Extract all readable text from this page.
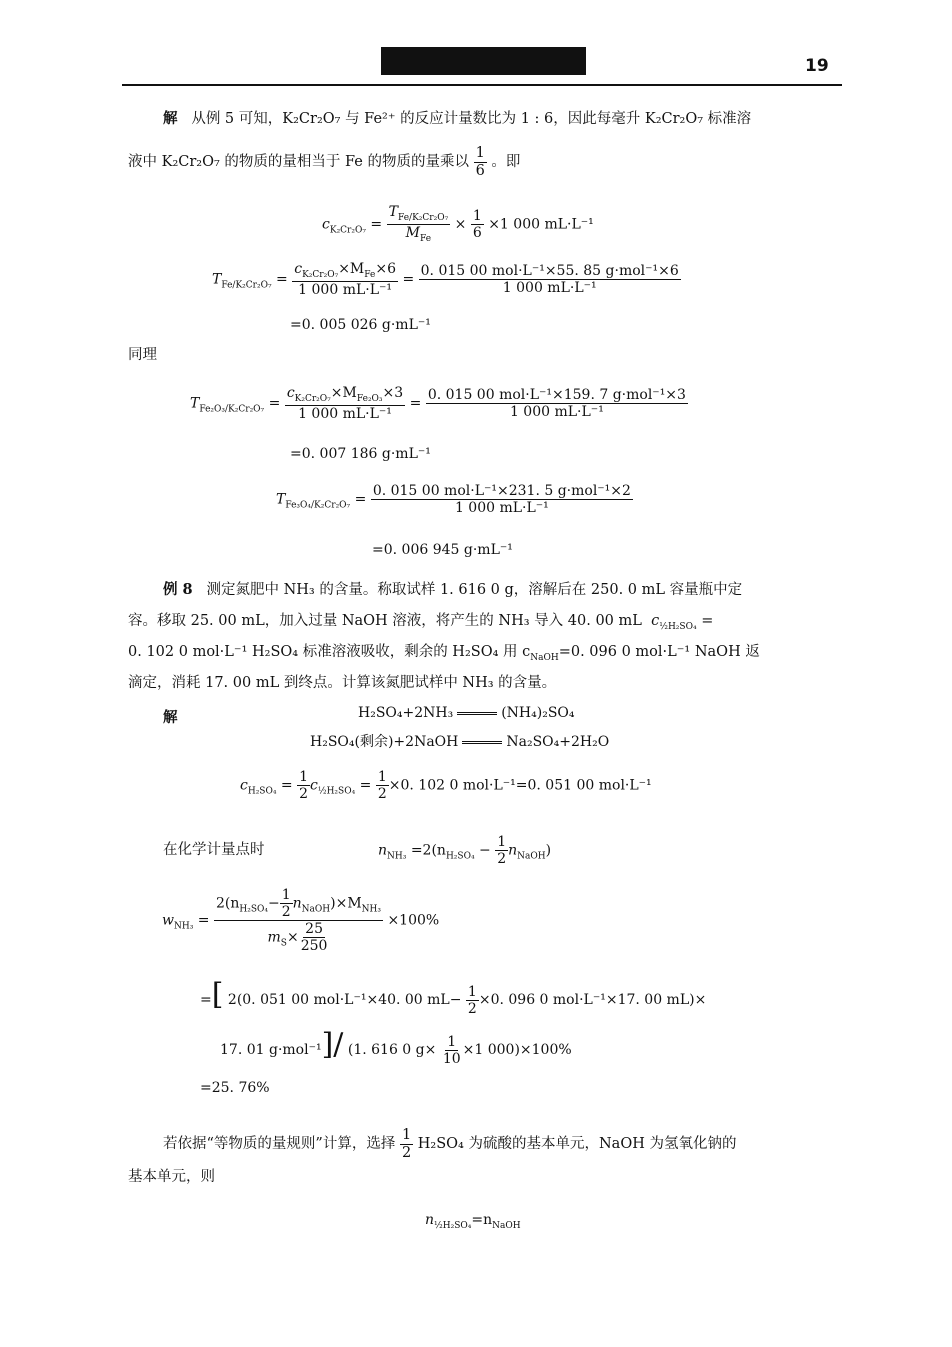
19
解 从例 5 可知，K₂Cr₂O₇ 与 Fe²⁺ 的反应计量数比为 1 : 6，因此每毫升 K₂Cr₂O₇ 标准溶
液中 K₂Cr₂O₇ 的物质的量相当于 Fe 的物质的量乘以 $\frac{1}{6}$ 。即
$c_{K_2Cr_2O_7} = \frac{T_{Fe/K_2Cr_2O_7}}{M_{Fe}} \times \frac{1}{6} \times 1$ 000 mL·L⁻¹
$T_{Fe/K_2Cr_2O_7} = \frac{c_{K_2Cr_2O_7}\times M_{Fe}\times 6}{\text{1 000 mL·L⁻¹}} = \frac{\text{0. 015 00 mol·L⁻¹×55. 85 g·mol⁻¹×6}}{\text{1 000 mL·L⁻¹}}$
=0. 005 026 g·mL⁻¹
同理
$T_{Fe_2O_3/K_2Cr_2O_7} = \frac{c_{K_2Cr_2O_7}\times M_{Fe_2O_3}\times 3}{\text{1 000 mL·L⁻¹}} = \frac{\text{0. 015 00 mol·L⁻¹×159. 7 g·mol⁻¹×3}}{\text{1 000 mL·L⁻¹}}$
=0. 007 186 g·mL⁻¹
$T_{Fe_3O_4/K_2Cr_2O_7} = \frac{\text{0. 015 00 mol·L⁻¹×231. 5 g·mol⁻¹×2}}{\text{1 000 mL·L⁻¹}}$
=0. 006 945 g·mL⁻¹
例 8 测定氮肥中 NH₃ 的含量。称取试样 1. 616 0 g，溶解后在 250. 0 mL 容量瓶中定
容。移取 25. 00 mL，加入过量 NaOH 溶液，将产生的 NH₃ 导入 40. 00 mL $c_{\frac{1}{2}H_2SO_4}$ =
0. 102 0 mol·L⁻¹ H₂SO₄ 标准溶液吸收，剩余的 H₂SO₄ 用 $c_{NaOH}=0$. 096 0 mol·L⁻¹ NaOH 返
滴定，消耗 17. 00 mL 到终点。计算该氮肥试样中 NH₃ 的含量。
解	H₂SO₄+2NH₃	(NH₄)₂SO₄
H₂SO₄(剩余)+2NaOH	Na₂SO₄+2H₂O
$c_{H_2SO_4} = \frac{1}{2} c_{\frac{1}{2}H_2SO_4} = \frac{1}{2} \times 0$. 102 0 mol·L⁻¹=0. 051 00 mol·L⁻¹
在化学计量点时	$n_{NH_3} =2(n_{H_2SO_4} - \frac{1}{2} n_{NaOH})$
$w_{NH_3} = \frac{2(n_{H_2SO_4}- \frac{1}{2} n_{NaOH})\times M_{NH_3}}{m_S\times \frac{25}{250}} \times 100\%$
=[ 2(0. 051 00 mol·L⁻¹×40. 00 $mL- \frac{1}{2} \times 0$. 096 0 mol·L⁻¹×17. 00 mL)×
17. 01 g·mol⁻¹]/ (1. 616 0 $g\times \frac{1}{10} \times 1$ 000)×100%
=25. 76%
若依据“等物质的量规则”计算，选择 $\frac{1}{2} H_2SO_4$ 为硫酸的基本单元，NaOH 为氢氧化钠的
基本单元，则
$n_{\frac{1}{2}H_2SO_4}=n_{NaOH}$
